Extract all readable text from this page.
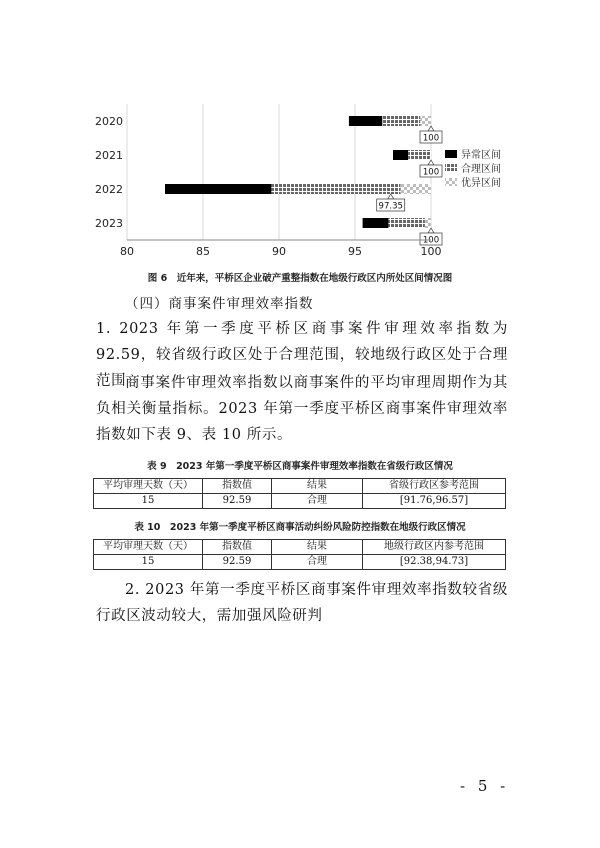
100
100
97.35
100
80	85	90	95	100
2020
2021
2022
2023
异常区间
合理区间
优异区间
图 6　近年来，平桥区企业破产重整指数在地级行政区内所处区间情况图
（四）商事案件审理效率指数
1. 2023 年第一季度平桥区商事案件审理效率指数为 92.59，较省级行政区处于合理范围，较地级行政区处于合理范围
商事案件审理效率指数以商事案件的平均审理周期作为其负相关衡量指标。2023 年第一季度平桥区商事案件审理效率指数如下表 9、表 10 所示。
表 9　2023 年第一季度平桥区商事案件审理效率指数在省级行政区情况
平均审理天数（天）	指数值	结果	省级行政区参考范围
15	92.59	合理	[91.76,96.57]
表 10　2023 年第一季度平桥区商事活动纠纷风险防控指数在地级行政区情况
平均审理天数（天）	指数值	结果	地级行政区内参考范围
15	92.59	合理	[92.38,94.73]
2. 2023 年第一季度平桥区商事案件审理效率指数较省级行政区波动较大，需加强风险研判
- 5 -
